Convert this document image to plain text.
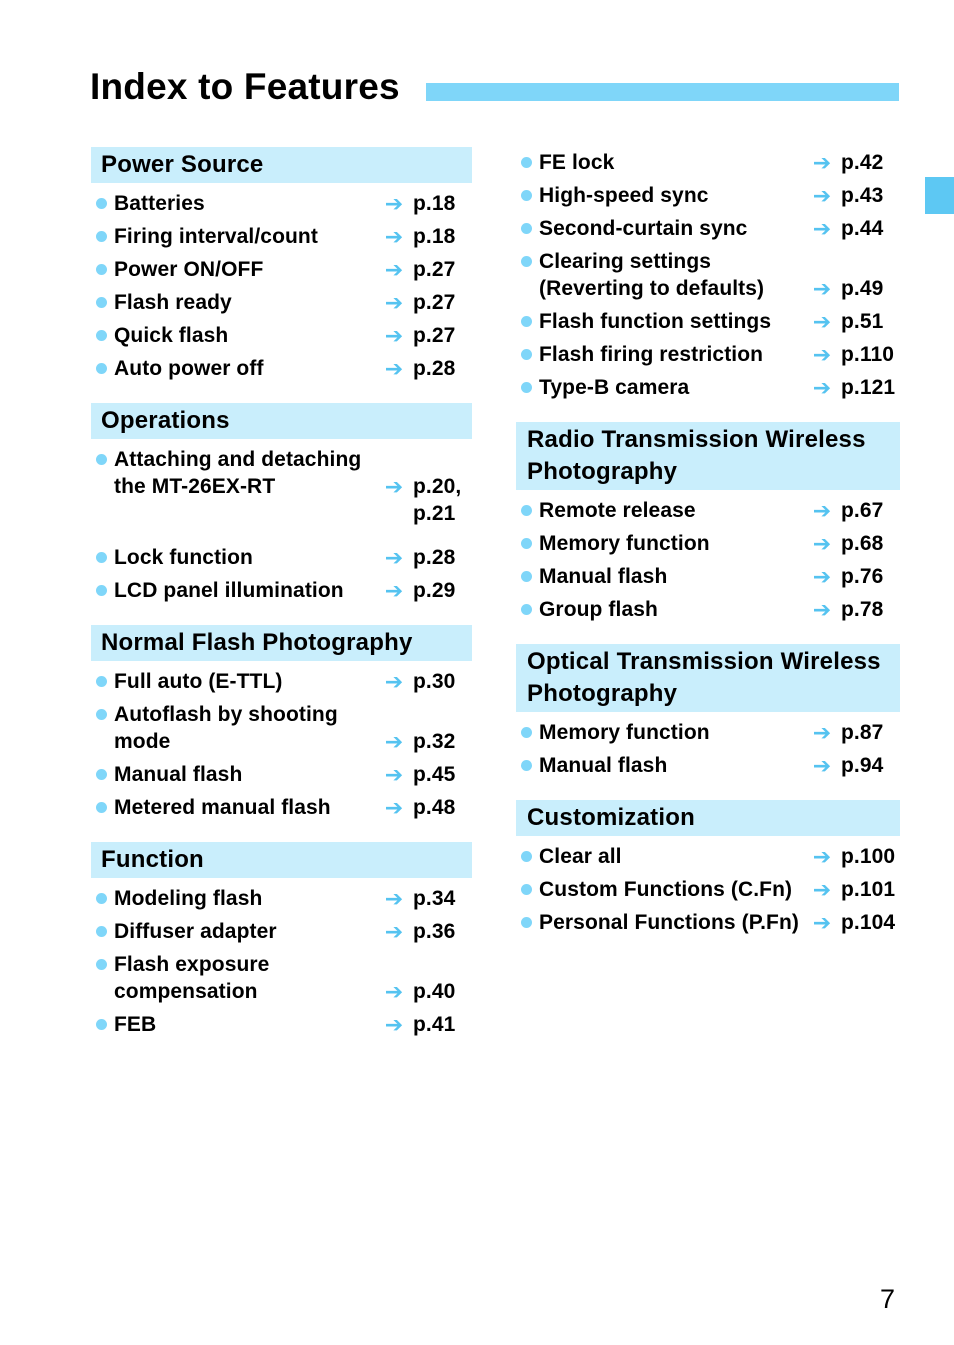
Index to Features
Power Source
Batteries	➔ p.18
Firing interval/count	➔ p.18
Power ON/OFF	➔ p.27
Flash ready	➔ p.27
Quick flash	➔ p.27
Auto power off	➔ p.28
Operations
Attaching and detaching
the MT-26EX-RT	➔ p.20,
p.21
Lock function	➔ p.28
LCD panel illumination	➔ p.29
Normal Flash Photography
Full auto (E-TTL)	➔ p.30
Autoflash by shooting
mode	➔ p.32
Manual flash	➔ p.45
Metered manual flash	➔ p.48
Function
Modeling flash	➔ p.34
Diffuser adapter	➔ p.36
Flash exposure
compensation	➔ p.40
FEB	➔ p.41
FE lock	➔ p.42
High-speed sync	➔ p.43
Second-curtain sync	➔ p.44
Clearing settings
(Reverting to defaults)	➔ p.49
Flash function settings	➔ p.51
Flash firing restriction	➔ p.110
Type-B camera	➔ p.121
Radio Transmission Wireless
Photography
Remote release	➔ p.67
Memory function	➔ p.68
Manual flash	➔ p.76
Group flash	➔ p.78
Optical Transmission Wireless
Photography
Memory function	➔ p.87
Manual flash	➔ p.94
Customization
Clear all	➔ p.100
Custom Functions (C.Fn) ➔ p.101
Personal Functions (P.Fn) ➔ p.104
7
